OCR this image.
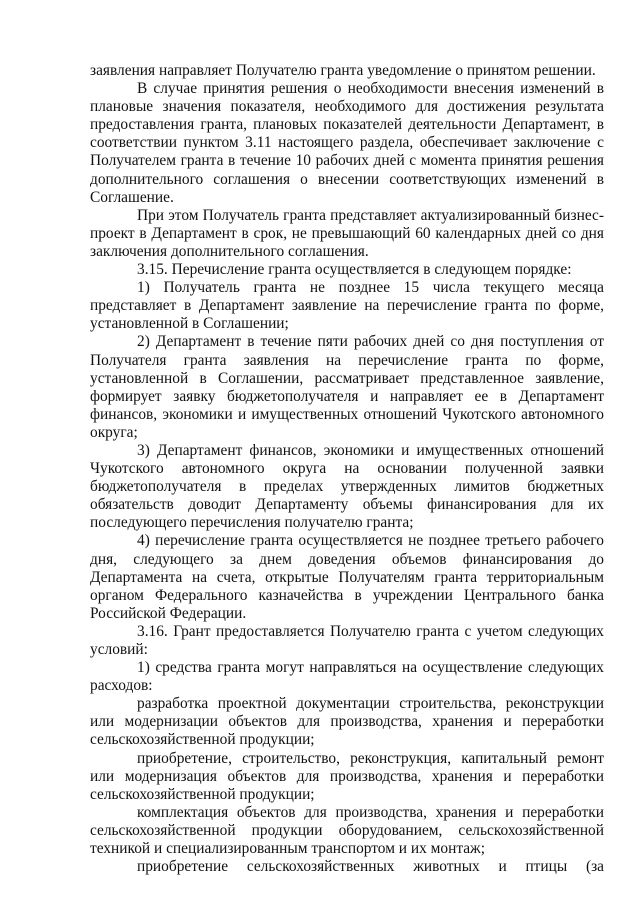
заявления направляет Получателю гранта уведомление о принятом решении.

В случае принятия решения о необходимости внесения изменений в плановые значения показателя, необходимого для достижения результата предоставления гранта, плановых показателей деятельности Департамент, в соответствии пунктом 3.11 настоящего раздела, обеспечивает заключение с Получателем гранта в течение 10 рабочих дней с момента принятия решения дополнительного соглашения о внесении соответствующих изменений в Соглашение.

При этом Получатель гранта представляет актуализированный бизнес-проект в Департамент в срок, не превышающий 60 календарных дней со дня заключения дополнительного соглашения.

3.15. Перечисление гранта осуществляется в следующем порядке:

1) Получатель гранта не позднее 15 числа текущего месяца представляет в Департамент заявление на перечисление гранта по форме, установленной в Соглашении;

2) Департамент в течение пяти рабочих дней со дня поступления от Получателя гранта заявления на перечисление гранта по форме, установленной в Соглашении, рассматривает представленное заявление, формирует заявку бюджетополучателя и направляет ее в Департамент финансов, экономики и имущественных отношений Чукотского автономного округа;

3) Департамент финансов, экономики и имущественных отношений Чукотского автономного округа на основании полученной заявки бюджетополучателя в пределах утвержденных лимитов бюджетных обязательств доводит Департаменту объемы финансирования для их последующего перечисления получателю гранта;

4) перечисление гранта осуществляется не позднее третьего рабочего дня, следующего за днем доведения объемов финансирования до Департамента на счета, открытые Получателям гранта территориальным органом Федерального казначейства в учреждении Центрального банка Российской Федерации.

3.16. Грант предоставляется Получателю гранта с учетом следующих условий:

1) средства гранта могут направляться на осуществление следующих расходов:

разработка проектной документации строительства, реконструкции или модернизации объектов для производства, хранения и переработки сельскохозяйственной продукции;

приобретение, строительство, реконструкция, капитальный ремонт или модернизация объектов для производства, хранения и переработки сельскохозяйственной продукции;

комплектация объектов для производства, хранения и переработки сельскохозяйственной продукции оборудованием, сельскохозяйственной техникой и специализированным транспортом и их монтаж;

приобретение сельскохозяйственных животных и птицы (за
